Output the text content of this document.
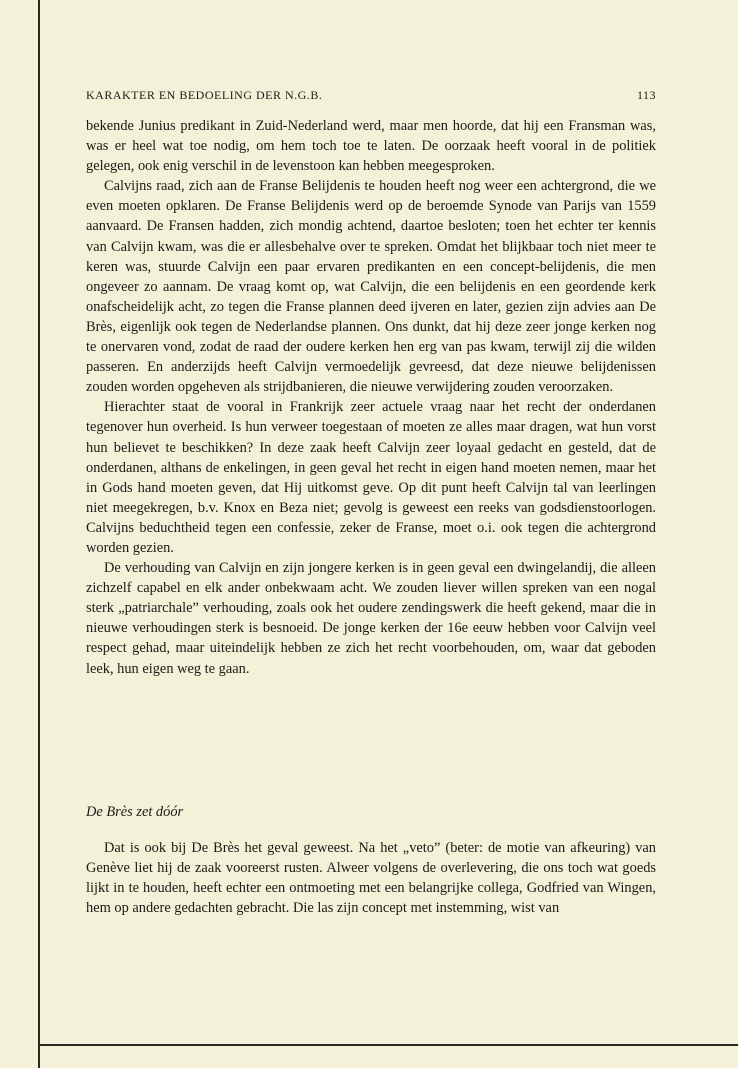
KARAKTER EN BEDOELING DER N.G.B.	113

bekende Junius predikant in Zuid-Nederland werd, maar men hoorde, dat hij een Fransman was, was er heel wat toe nodig, om hem toch toe te laten. De oorzaak heeft vooral in de politiek gelegen, ook enig verschil in de levenstoon kan hebben meegesproken.

Calvijns raad, zich aan de Franse Belijdenis te houden heeft nog weer een achtergrond, die we even moeten opklaren. De Franse Belijdenis werd op de beroemde Synode van Parijs van 1559 aanvaard. De Fransen hadden, zich mondig achtend, daartoe besloten; toen het echter ter kennis van Calvijn kwam, was die er allesbehalve over te spreken. Omdat het blijkbaar toch niet meer te keren was, stuurde Calvijn een paar ervaren predikanten en een concept-belijdenis, die men ongeveer zo aannam. De vraag komt op, wat Calvijn, die een belijdenis en een geordende kerk onafscheidelijk acht, zo tegen die Franse plannen deed ijveren en later, gezien zijn advies aan De Brès, eigenlijk ook tegen de Nederlandse plannen. Ons dunkt, dat hij deze zeer jonge kerken nog te onervaren vond, zodat de raad der oudere kerken hen erg van pas kwam, terwijl zij die wilden passeren. En anderzijds heeft Calvijn vermoedelijk gevreesd, dat deze nieuwe belijdenissen zouden worden opgeheven als strijdbanieren, die nieuwe verwijdering zouden veroorzaken.

Hierachter staat de vooral in Frankrijk zeer actuele vraag naar het recht der onderdanen tegenover hun overheid. Is hun verweer toegestaan of moeten ze alles maar dragen, wat hun vorst hun believet te beschikken? In deze zaak heeft Calvijn zeer loyaal gedacht en gesteld, dat de onderdanen, althans de enkelingen, in geen geval het recht in eigen hand moeten nemen, maar het in Gods hand moeten geven, dat Hij uitkomst geve. Op dit punt heeft Calvijn tal van leerlingen niet meegekregen, b.v. Knox en Beza niet; gevolg is geweest een reeks van godsdienstoorlogen. Calvijns beduchtheid tegen een confessie, zeker de Franse, moet o.i. ook tegen die achtergrond worden gezien.

De verhouding van Calvijn en zijn jongere kerken is in geen geval een dwingelandij, die alleen zichzelf capabel en elk ander onbekwaam acht. We zouden liever willen spreken van een nogal sterk „patriarchale” verhouding, zoals ook het oudere zendingswerk die heeft gekend, maar die in nieuwe verhoudingen sterk is besnoeid. De jonge kerken der 16e eeuw hebben voor Calvijn veel respect gehad, maar uiteindelijk hebben ze zich het recht voorbehouden, om, waar dat geboden leek, hun eigen weg te gaan.

De Brès zet dóór

Dat is ook bij De Brès het geval geweest. Na het „veto” (beter: de motie van afkeuring) van Genève liet hij de zaak vooreerst rusten. Alweer volgens de overlevering, die ons toch wat goeds lijkt in te houden, heeft echter een ontmoeting met een belangrijke collega, Godfried van Wingen, hem op andere gedachten gebracht. Die las zijn concept met instemming, wist van
